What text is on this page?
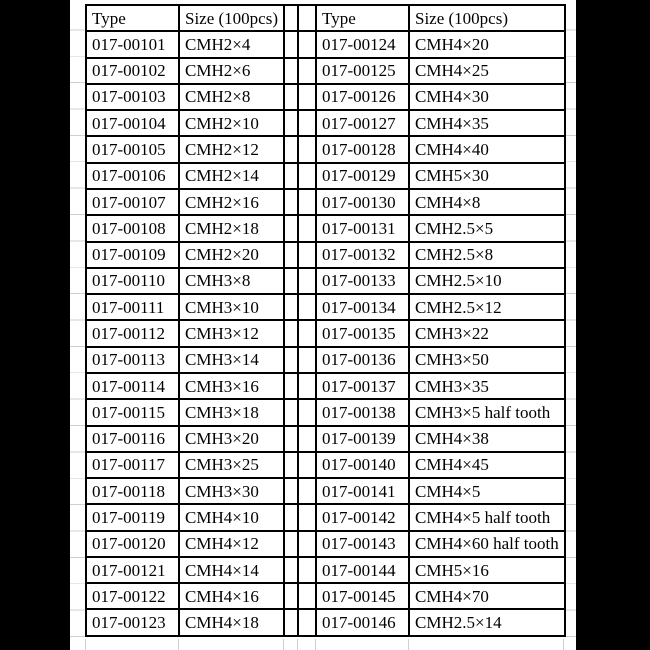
Type	Size (100pcs)			Type	Size (100pcs)
017-00101	CMH2×4			017-00124	CMH4×20
017-00102	CMH2×6			017-00125	CMH4×25
017-00103	CMH2×8			017-00126	CMH4×30
017-00104	CMH2×10			017-00127	CMH4×35
017-00105	CMH2×12			017-00128	CMH4×40
017-00106	CMH2×14			017-00129	CMH5×30
017-00107	CMH2×16			017-00130	CMH4×8
017-00108	CMH2×18			017-00131	CMH2.5×5
017-00109	CMH2×20			017-00132	CMH2.5×8
017-00110	CMH3×8			017-00133	CMH2.5×10
017-00111	CMH3×10			017-00134	CMH2.5×12
017-00112	CMH3×12			017-00135	CMH3×22
017-00113	CMH3×14			017-00136	CMH3×50
017-00114	CMH3×16			017-00137	CMH3×35
017-00115	CMH3×18			017-00138	CMH3×5 half tooth
017-00116	CMH3×20			017-00139	CMH4×38
017-00117	CMH3×25			017-00140	CMH4×45
017-00118	CMH3×30			017-00141	CMH4×5
017-00119	CMH4×10			017-00142	CMH4×5 half tooth
017-00120	CMH4×12			017-00143	CMH4×60 half tooth
017-00121	CMH4×14			017-00144	CMH5×16
017-00122	CMH4×16			017-00145	CMH4×70
017-00123	CMH4×18			017-00146	CMH2.5×14
